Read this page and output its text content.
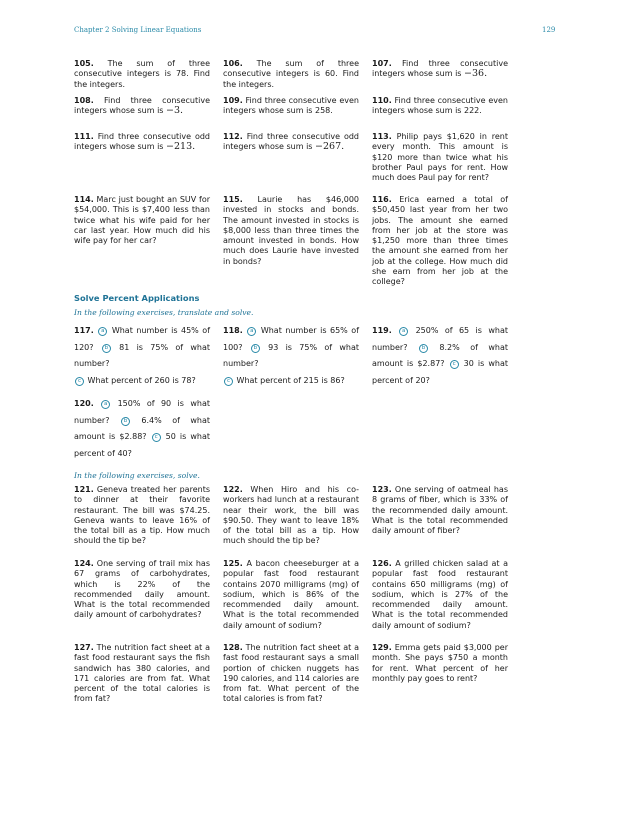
Chapter 2 Solving Linear Equations	129
105. The sum of three consecutive integers is 78. Find the integers.
106. The sum of three consecutive integers is 60. Find the integers.
107. Find three consecutive integers whose sum is −36.
108. Find three consecutive integers whose sum is −3.
109. Find three consecutive even integers whose sum is 258.
110. Find three consecutive even integers whose sum is 222.
111. Find three consecutive odd integers whose sum is −213.
112. Find three consecutive odd integers whose sum is −267.
113. Philip pays $1,620 in rent every month. This amount is $120 more than twice what his brother Paul pays for rent. How much does Paul pay for rent?
114. Marc just bought an SUV for $54,000. This is $7,400 less than twice what his wife paid for her car last year. How much did his wife pay for her car?
115. Laurie has $46,000 invested in stocks and bonds. The amount invested in stocks is $8,000 less than three times the amount invested in bonds. How much does Laurie have invested in bonds?
116. Erica earned a total of $50,450 last year from her two jobs. The amount she earned from her job at the store was $1,250 more than three times the amount she earned from her job at the college. How much did she earn from her job at the college?
Solve Percent Applications
In the following exercises, translate and solve.
117. a What number is 45% of 120? b 81 is 75% of what number?
c What percent of 260 is 78?
118. a What number is 65% of 100? b 93 is 75% of what number?
c What percent of 215 is 86?
119. a 250% of 65 is what number?	b 8.2% of what amount is $2.87? c 30 is what percent of 20?
120. a 150% of 90 is what number?	b 6.4% of what amount is $2.88? c 50 is what percent of 40?
In the following exercises, solve.
121. Geneva treated her parents to dinner at their favorite restaurant. The bill was $74.25. Geneva wants to leave 16% of the total bill as a tip. How much should the tip be?
122. When Hiro and his co-workers had lunch at a restaurant near their work, the bill was $90.50. They want to leave 18% of the total bill as a tip. How much should the tip be?
123. One serving of oatmeal has 8 grams of fiber, which is 33% of the recommended daily amount. What is the total recommended daily amount of fiber?
124. One serving of trail mix has 67 grams of carbohydrates, which is 22% of the recommended daily amount. What is the total recommended daily amount of carbohydrates?
125. A bacon cheeseburger at a popular fast food restaurant contains 2070 milligrams (mg) of sodium, which is 86% of the recommended daily amount. What is the total recommended daily amount of sodium?
126. A grilled chicken salad at a popular fast food restaurant contains 650 milligrams (mg) of sodium, which is 27% of the recommended daily amount. What is the total recommended daily amount of sodium?
127. The nutrition fact sheet at a fast food restaurant says the fish sandwich has 380 calories, and 171 calories are from fat. What percent of the total calories is from fat?
128. The nutrition fact sheet at a fast food restaurant says a small portion of chicken nuggets has 190 calories, and 114 calories are from fat. What percent of the total calories is from fat?
129. Emma gets paid $3,000 per month. She pays $750 a month for rent. What percent of her monthly pay goes to rent?
